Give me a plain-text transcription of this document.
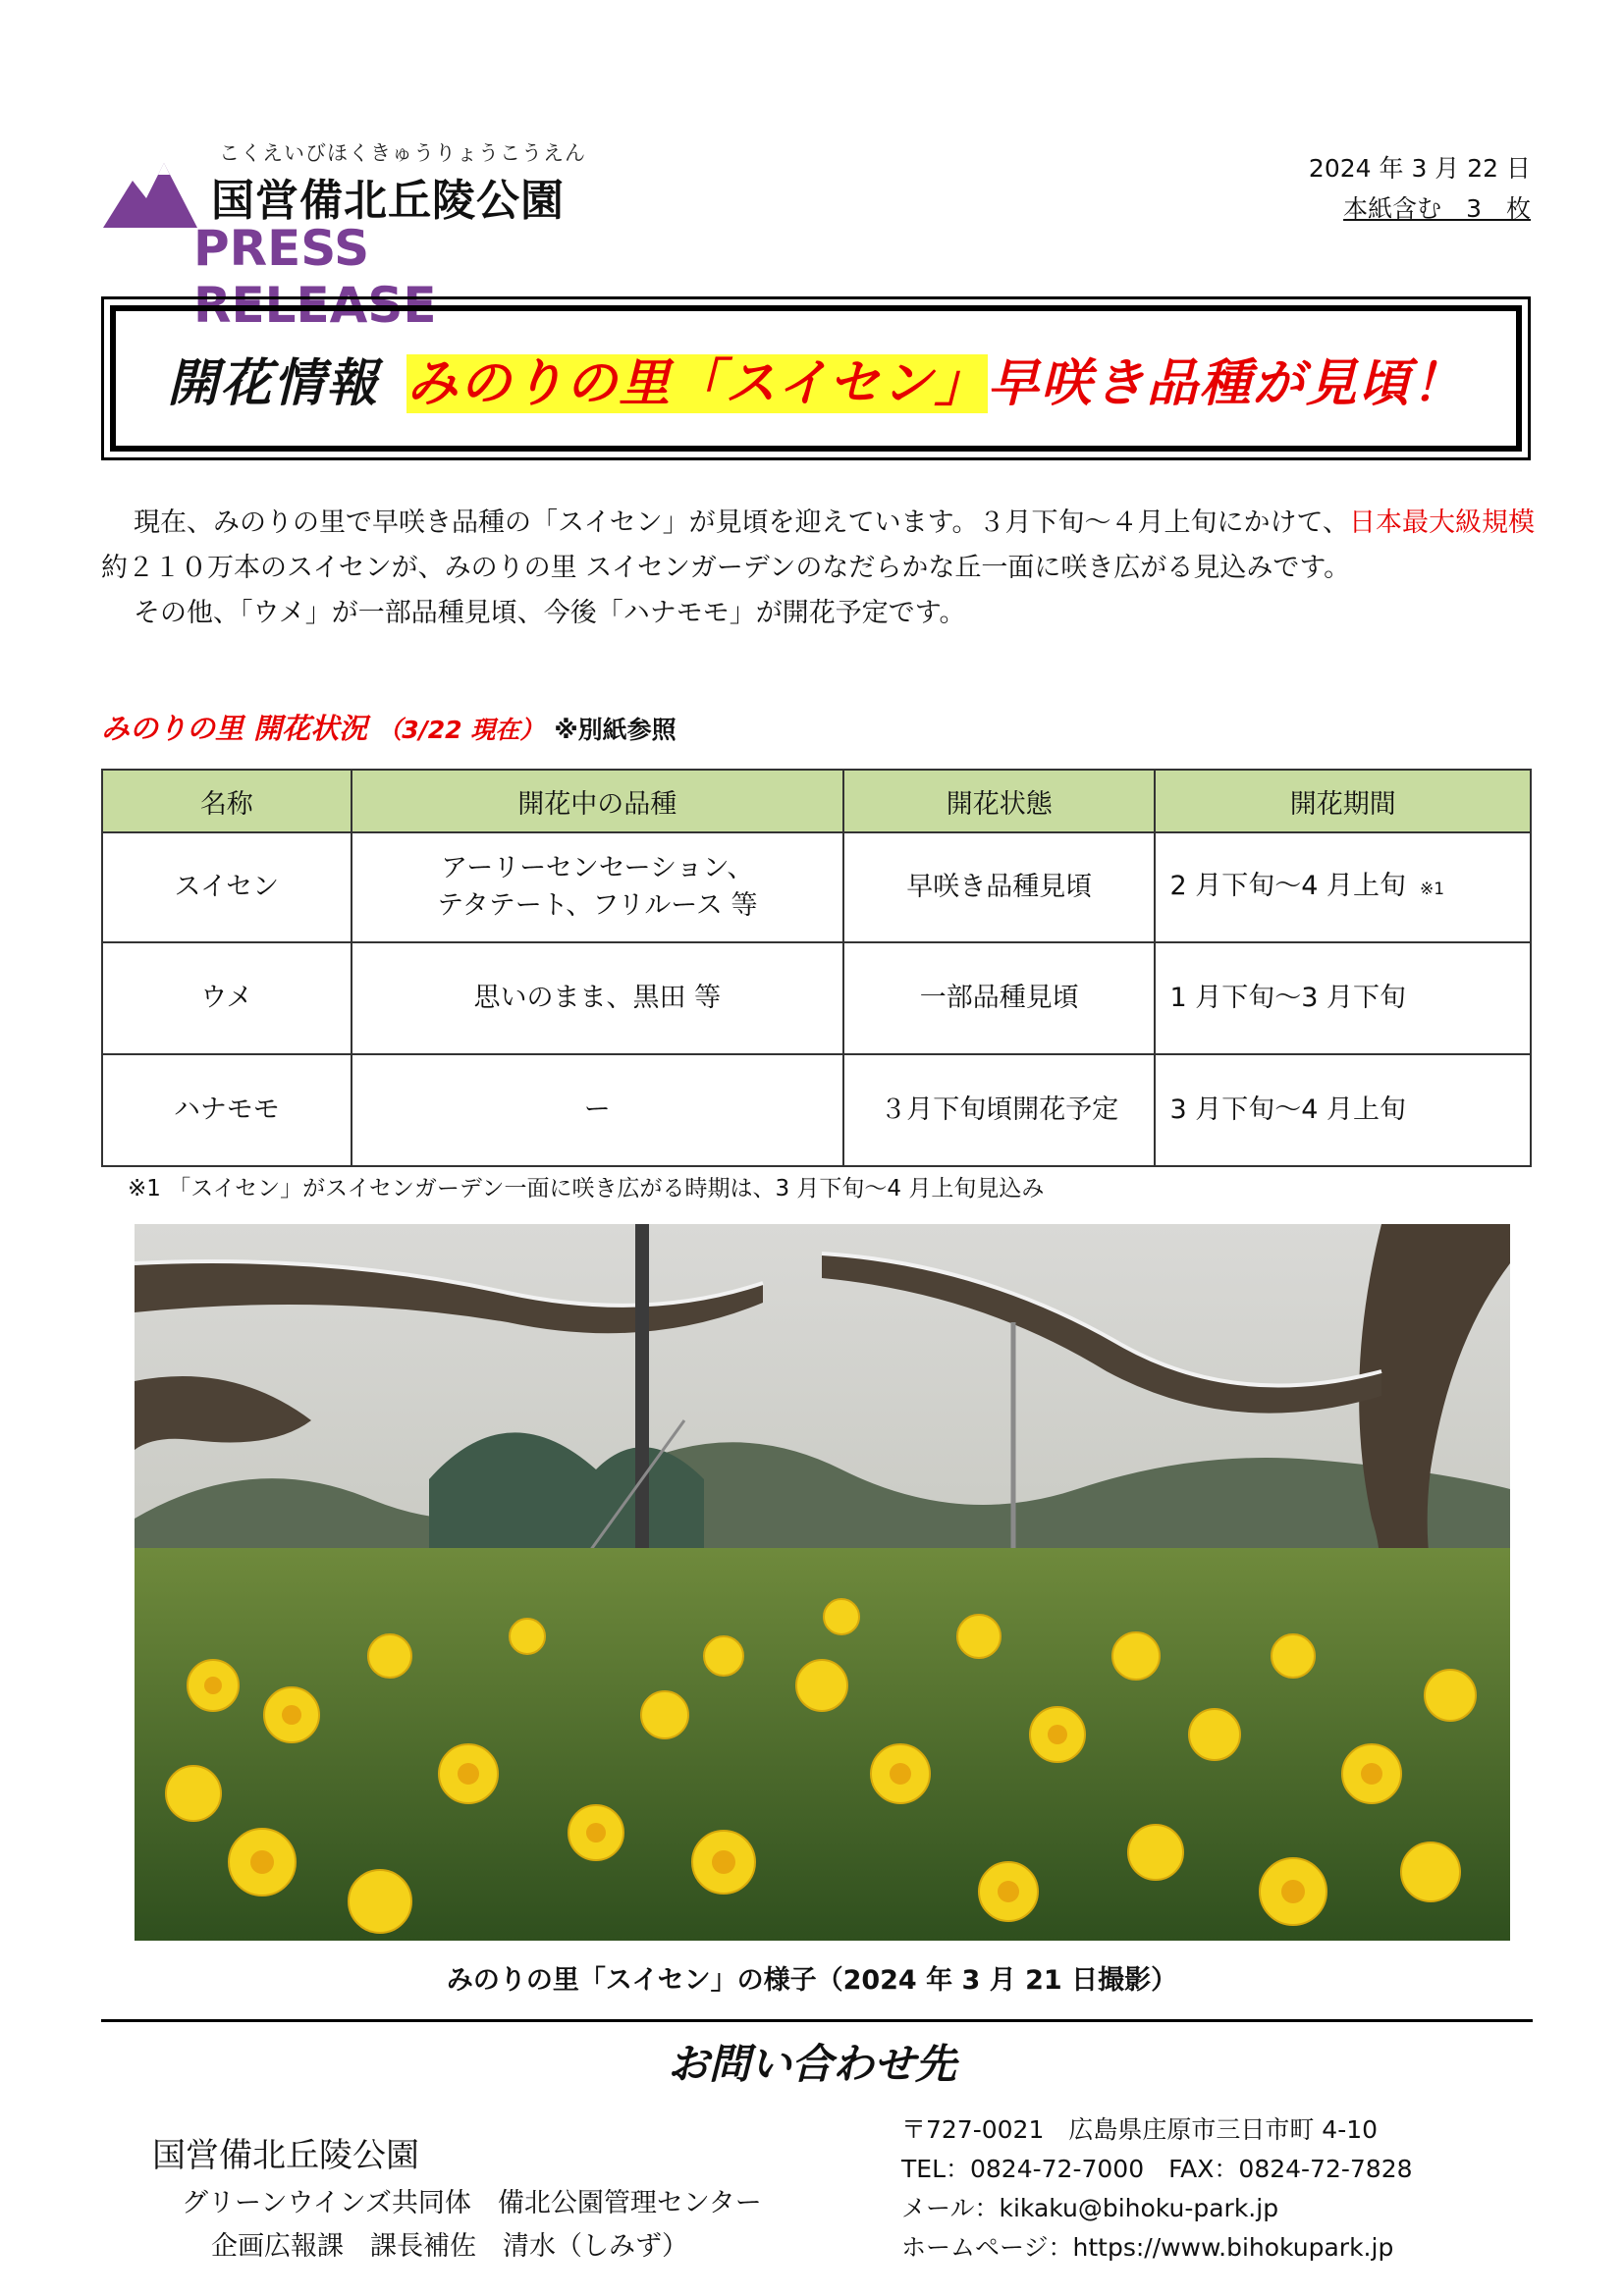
こくえいびほくきゅうりょうこうえん
国営備北丘陵公園
PRESS RELEASE
2024 年 3 月 22 日
本紙含む　3　枚
開花情報 みのりの里「スイセン」早咲き品種が見頃！

現在、みのりの里で早咲き品種の「スイセン」が見頃を迎えています。３月下旬～４月上旬にかけて、日本最大級規模 約２１０万本のスイセンが、みのりの里 スイセンガーデンのなだらかな丘一面に咲き広がる見込みです。

その他、「ウメ」が一部品種見頃、今後「ハナモモ」が開花予定です。

みのりの里 開花状況 （3/22 現在） ※別紙参照
名称	開花中の品種	開花状態	開花期間
スイセン	アーリーセンセーション、
テタテート、フリルース 等	早咲き品種見頃	2 月下旬～4 月上旬 ※1
ウメ	思いのまま、黒田 等	一部品種見頃	1 月下旬～3 月下旬
ハナモモ	ー	３月下旬頃開花予定	3 月下旬～4 月上旬
※1 「スイセン」がスイセンガーデン一面に咲き広がる時期は、3 月下旬～4 月上旬見込み
みのりの里「スイセン」の様子（2024 年 3 月 21 日撮影）
お問い合わせ先
国営備北丘陵公園
グリーンウインズ共同体　備北公園管理センター
企画広報課　課長補佐　清水（しみず）
〒727-0021　広島県庄原市三日市町 4-10
TEL：0824-72-7000　FAX：0824-72-7828
メール：kikaku@bihoku-park.jp
ホームページ：https://www.bihokupark.jp
